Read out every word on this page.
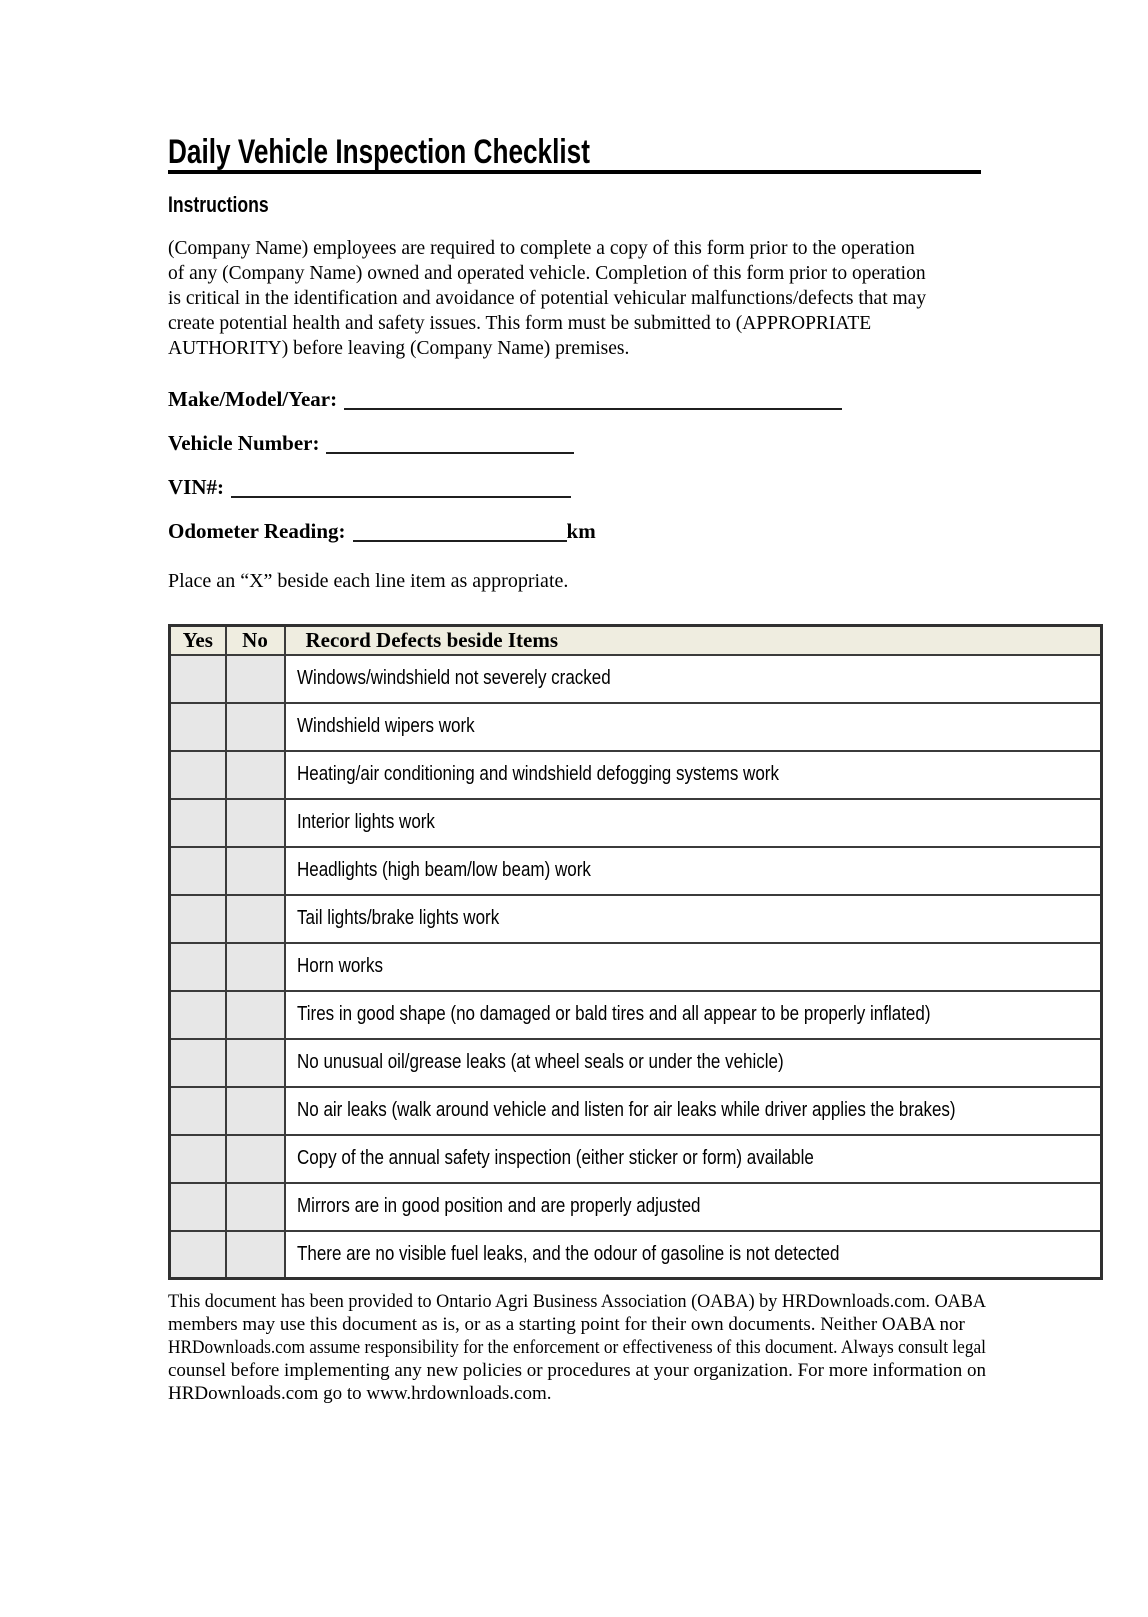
Daily Vehicle Inspection Checklist
Instructions
(Company Name) employees are required to complete a copy of this form prior to the operation
of any (Company Name) owned and operated vehicle. Completion of this form prior to operation
is critical in the identification and avoidance of potential vehicular malfunctions/defects that may
create potential health and safety issues. This form must be submitted to (APPROPRIATE
AUTHORITY) before leaving (Company Name) premises.
Make/Model/Year:
Vehicle Number:
VIN#:
Odometer Reading:	km

Place an “X” beside each line item as appropriate.

Yes	No	Record Defects beside Items
		Windows/windshield not severely cracked
		Windshield wipers work
		Heating/air conditioning and windshield defogging systems work
		Interior lights work
		Headlights (high beam/low beam) work
		Tail lights/brake lights work
		Horn works
		Tires in good shape (no damaged or bald tires and all appear to be properly inflated)
		No unusual oil/grease leaks (at wheel seals or under the vehicle)
		No air leaks (walk around vehicle and listen for air leaks while driver applies the brakes)
		Copy of the annual safety inspection (either sticker or form) available
		Mirrors are in good position and are properly adjusted
		There are no visible fuel leaks, and the odour of gasoline is not detected
This document has been provided to Ontario Agri Business Association (OABA) by HRDownloads.com. OABA
members may use this document as is, or as a starting point for their own documents. Neither OABA nor
HRDownloads.com assume responsibility for the enforcement or effectiveness of this document. Always consult legal
counsel before implementing any new policies or procedures at your organization. For more information on
HRDownloads.com go to www.hrdownloads.com.
